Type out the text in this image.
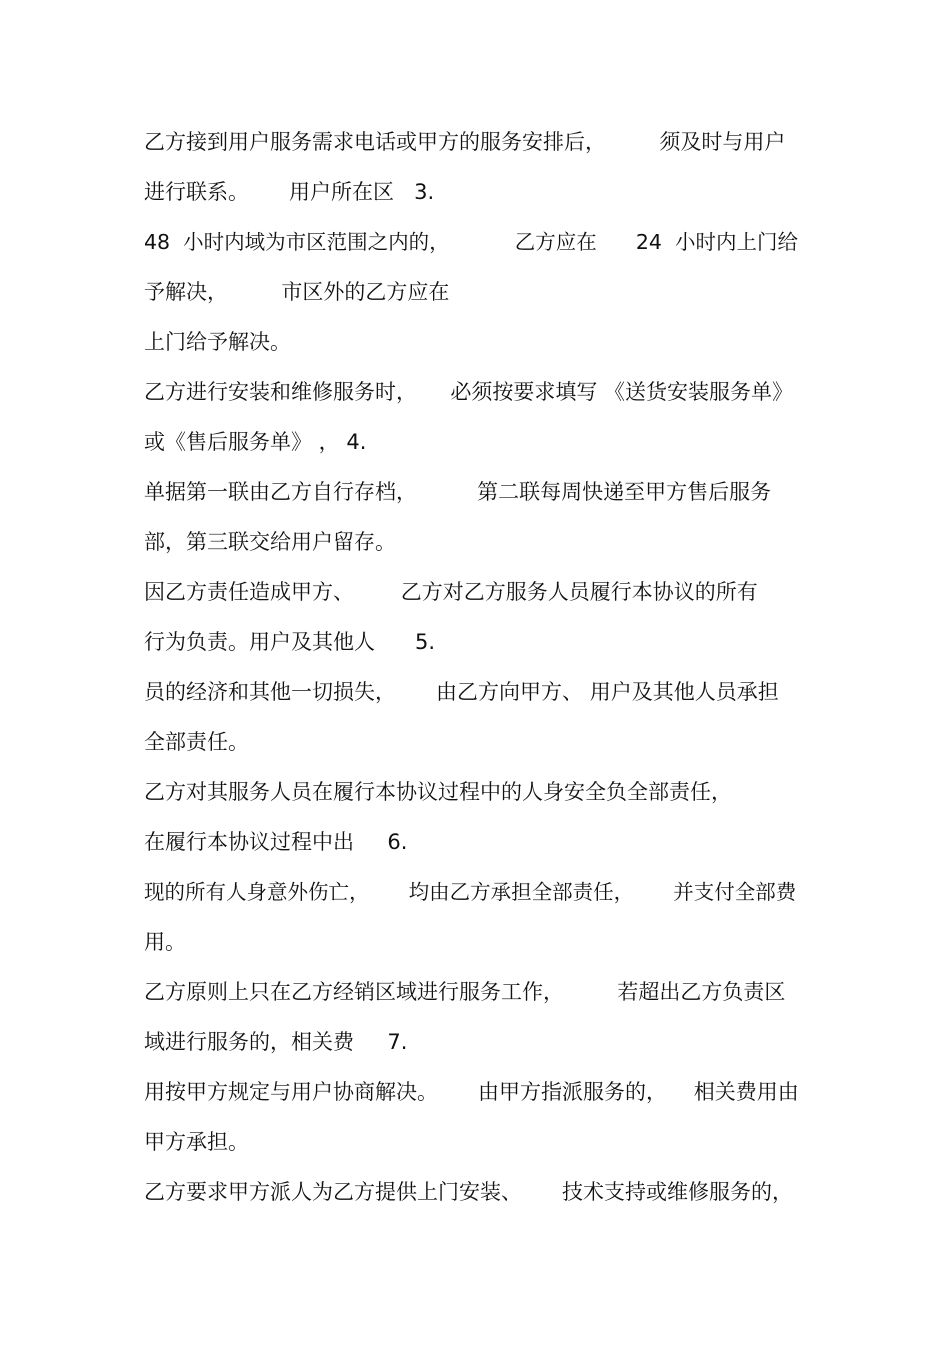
乙方接到用户服务需求电话或甲方的服务安排后，        须及时与用户
进行联系。      用户所在区   3.
48  小时内域为市区范围之内的，          乙方应在      24  小时内上门给
予解决，        市区外的乙方应在
上门给予解决。
乙方进行安装和维修服务时，     必须按要求填写 《送货安装服务单》
或《售后服务单》 ， 4.
单据第一联由乙方自行存档，         第二联每周快递至甲方售后服务
部，第三联交给用户留存。
因乙方责任造成甲方、       乙方对乙方服务人员履行本协议的所有
行为负责。用户及其他人      5.
员的经济和其他一切损失，      由乙方向甲方、 用户及其他人员承担
全部责任。
乙方对其服务人员在履行本协议过程中的人身安全负全部责任，
在履行本协议过程中出     6.
现的所有人身意外伤亡，      均由乙方承担全部责任，      并支付全部费
用。
乙方原则上只在乙方经销区域进行服务工作，        若超出乙方负责区
域进行服务的，相关费     7.
用按甲方规定与用户协商解决。      由甲方指派服务的，    相关费用由
甲方承担。
乙方要求甲方派人为乙方提供上门安装、      技术支持或维修服务的，
